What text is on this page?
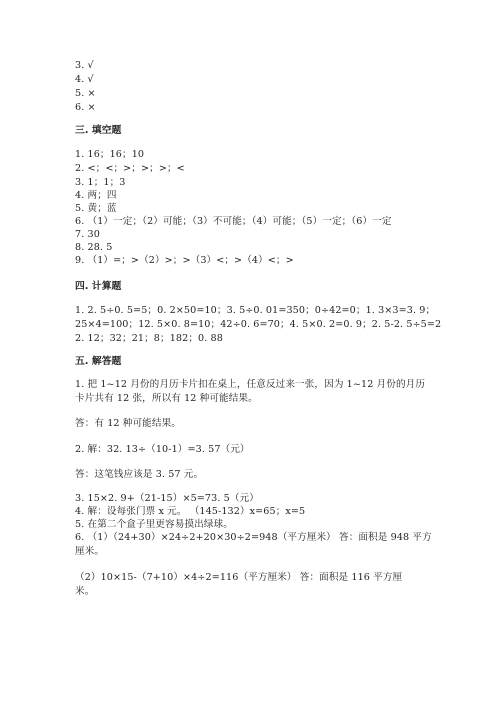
3. √
4. √
5. ×
6. ×
三. 填空题
1. 16；16；10
2. <；<；>；>；>；<
3. 1；1；3
4. 两；四
5. 黄；蓝
6. （1）一定；（2）可能；（3）不可能；（4）可能；（5）一定；（6）一定
7. 30
8. 28. 5
9. （1）=；>（2）>；>（3）<；>（4）<；>
四. 计算题
1. 2. 5÷0. 5=5；0. 2×50=10；3. 5÷0. 01=350；0÷42=0；1. 3×3=3. 9；
25×4=100；12. 5×0. 8=10；42÷0. 6=70；4. 5×0. 2=0. 9；2. 5-2. 5÷5=2
2. 12；32；21；8；182；0. 88
五. 解答题
1. 把 1~12 月份的月历卡片扣在桌上，任意反过来一张，因为 1~12 月份的月历
卡片共有 12 张，所以有 12 种可能结果。
答：有 12 种可能结果。
2. 解：32. 13÷（10-1）=3. 57（元）
答：这笔钱应该是 3. 57 元。
3. 15×2. 9+（21-15）×5=73. 5（元）
4. 解：设每张门票 x 元。 （145-132）x=65；x=5
5. 在第二个盒子里更容易摸出绿球。
6. （1）（24+30）×24÷2+20×30÷2=948（平方厘米） 答：面积是 948 平方
厘米。
（2）10×15-（7+10）×4÷2=116（平方厘米） 答：面积是 116 平方厘
米。
